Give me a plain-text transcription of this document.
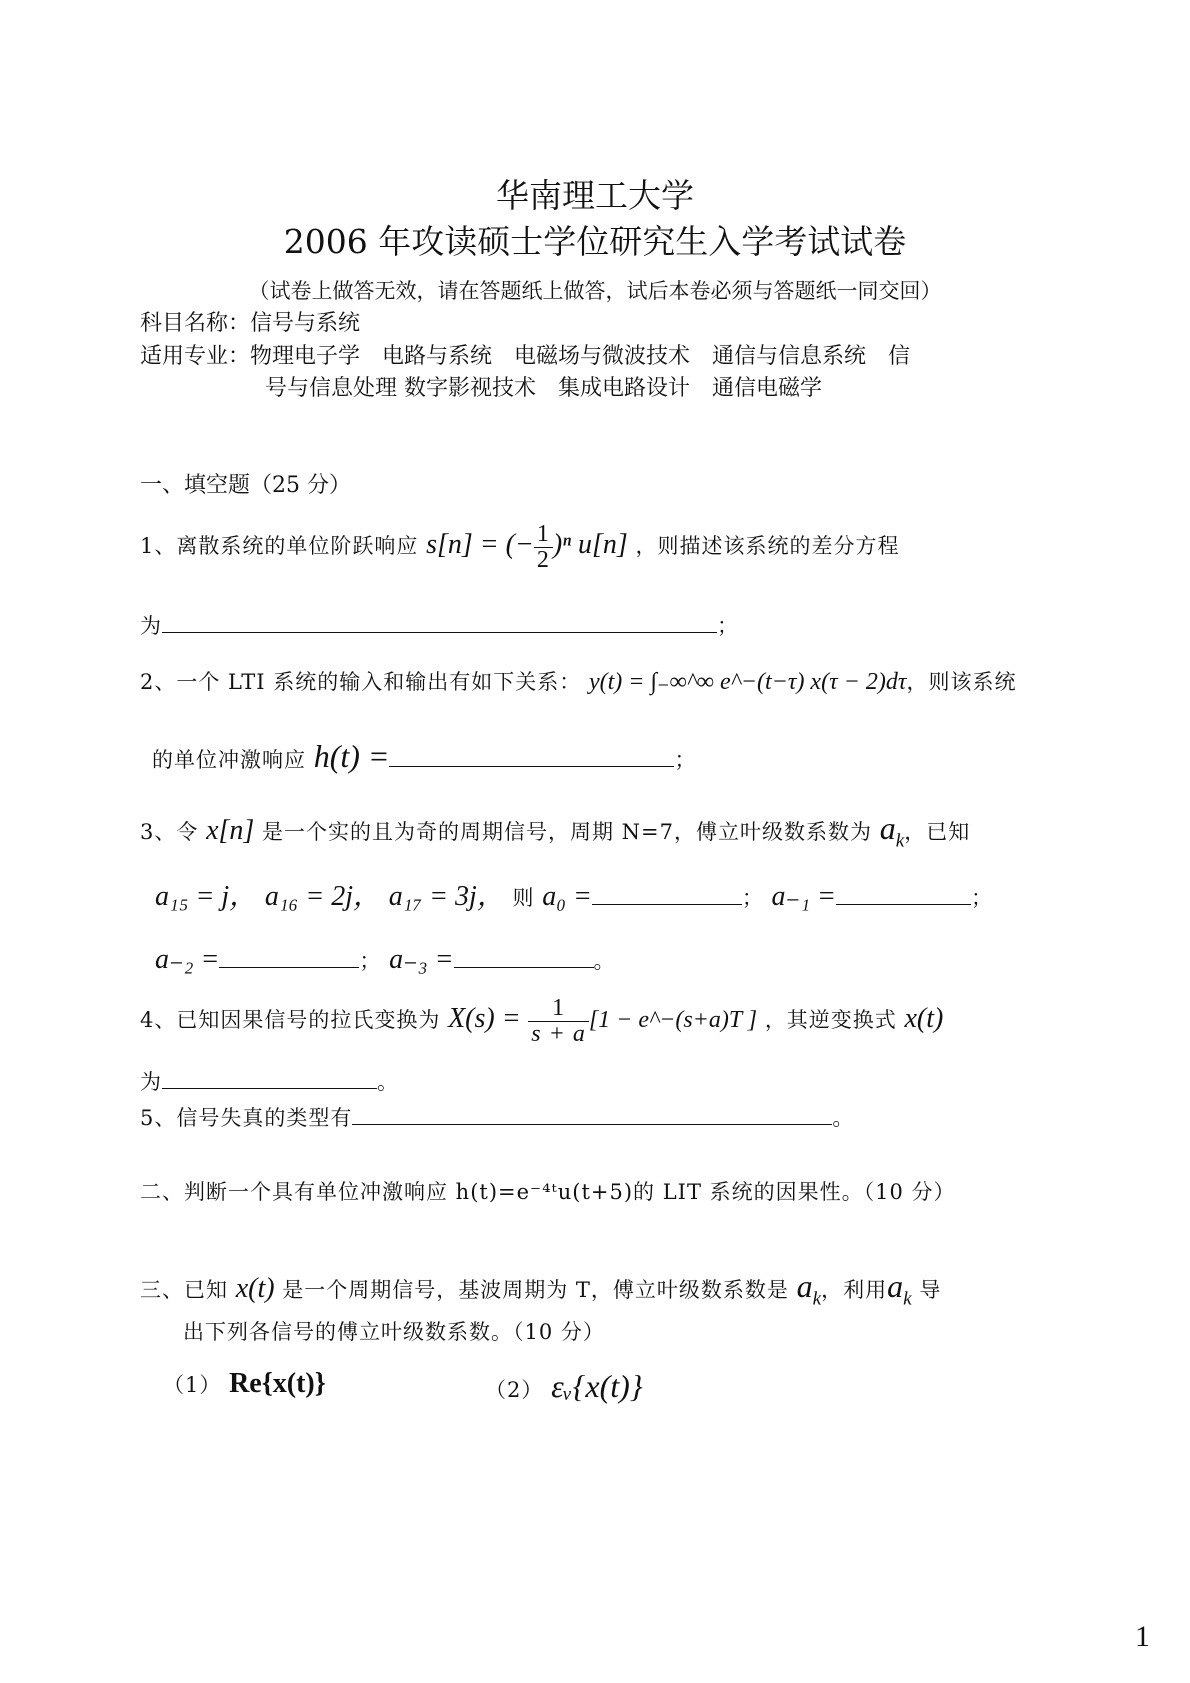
华南理工大学
2006 年攻读硕士学位研究生入学考试试卷
（试卷上做答无效，请在答题纸上做答，试后本卷必须与答题纸一同交回）
科目名称：信号与系统
适用专业：物理电子学　电路与系统　电磁场与微波技术　通信与信息系统　信
号与信息处理 数字影视技术　集成电路设计　通信电磁学
一、填空题（25 分）
1、离散系统的单位阶跃响应 s[n] = (− $\frac{1}{2} )^n$ u[n] ，则描述该系统的差分方程
为	；
2、一个 LTI 系统的输入和输出有如下关系： y(t) = ∫₋∞^∞ e^−(t−τ) x(τ − 2)dτ，则该系统
的单位冲激响应 h(t) =	；
3、令 x[n] 是一个实的且为奇的周期信号，周期 N=7，傅立叶级数系数为 $a_k$，已知
a₁₅ = j， a₁₆ = 2j， a₁₇ = 3j， 则 a₀ =	； a₋₁ =	；
a₋₂ =	； a₋₃ =	。
4、已知因果信号的拉氏变换为 $X(s) = \frac{1}{s + a} [1$ − e^−(s+a)T ] ，其逆变换式 x(t)
为	。
5、信号失真的类型有	。
二、判断一个具有单位冲激响应 h(t)=e⁻⁴ᵗu(t+5)的 LIT 系统的因果性。（10 分）
三、已知 x(t) 是一个周期信号，基波周期为 T，傅立叶级数系数是 $a_k$，利用$a_k$ 导
出下列各信号的傅立叶级数系数。（10 分）
（1） Re{x(t)}	（2） εᵥ{x(t)}
1
